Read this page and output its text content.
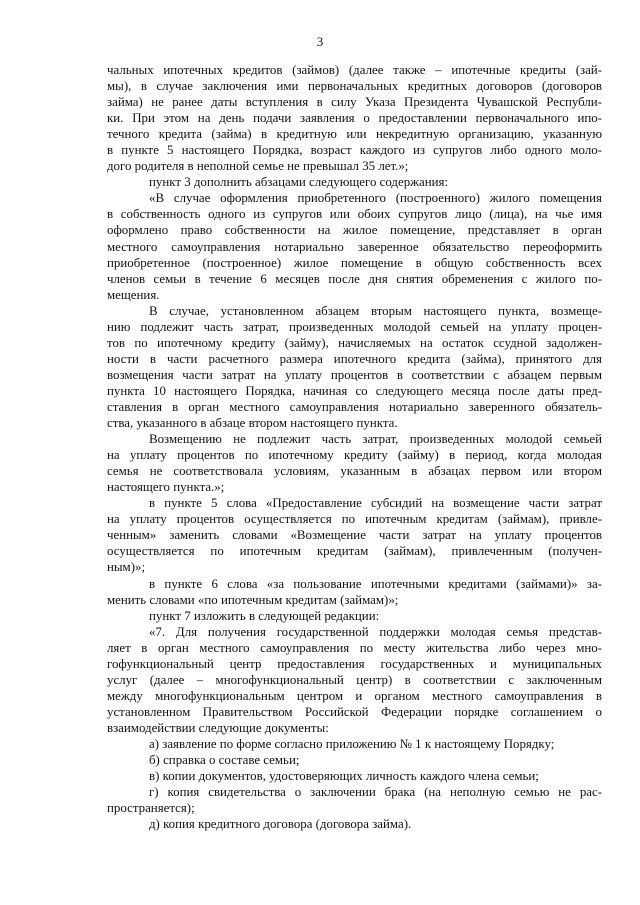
3
чальных ипотечных кредитов (займов) (далее также – ипотечные кредиты (зай-
мы), в случае заключения ими первоначальных кредитных договоров (договоров
займа) не ранее даты вступления в силу Указа Президента Чувашской Республи-
ки. При этом на день подачи заявления о предоставлении первоначального ипо-
течного кредита (займа) в кредитную или некредитную организацию, указанную
в пункте 5 настоящего Порядка, возраст каждого из супругов либо одного моло-
дого родителя в неполной семье не превышал 35 лет.»;
пункт 3 дополнить абзацами следующего содержания:
«В случае оформления приобретенного (построенного) жилого помещения
в собственность одного из супругов или обоих супругов лицо (лица), на чье имя
оформлено право собственности на жилое помещение, представляет в орган
местного самоуправления нотариально заверенное обязательство переоформить
приобретенное (построенное) жилое помещение в общую собственность всех
членов семьи в течение 6 месяцев после дня снятия обременения с жилого по-
мещения.
В случае, установленном абзацем вторым настоящего пункта, возмеще-
нию подлежит часть затрат, произведенных молодой семьей на уплату процен-
тов по ипотечному кредиту (займу), начисляемых на остаток ссудной задолжен-
ности в части расчетного размера ипотечного кредита (займа), принятого для
возмещения части затрат на уплату процентов в соответствии с абзацем первым
пункта 10 настоящего Порядка, начиная со следующего месяца после даты пред-
ставления в орган местного самоуправления нотариально заверенного обязатель-
ства, указанного в абзаце втором настоящего пункта.
Возмещению не подлежит часть затрат, произведенных молодой семьей
на уплату процентов по ипотечному кредиту (займу) в период, когда молодая
семья не соответствовала условиям, указанным в абзацах первом или втором
настоящего пункта.»;
в пункте 5 слова «Предоставление субсидий на возмещение части затрат
на уплату процентов осуществляется по ипотечным кредитам (займам), привле-
ченным» заменить словами «Возмещение части затрат на уплату процентов
осуществляется по ипотечным кредитам (займам), привлеченным (получен-
ным)»;
в пункте 6 слова «за пользование ипотечными кредитами (займами)» за-
менить словами «по ипотечным кредитам (займам)»;
пункт 7 изложить в следующей редакции:
«7. Для получения государственной поддержки молодая семья представ-
ляет в орган местного самоуправления по месту жительства либо через мно-
гофункциональный центр предоставления государственных и муниципальных
услуг (далее – многофункциональный центр) в соответствии с заключенным
между многофункциональным центром и органом местного самоуправления в
установленном Правительством Российской Федерации порядке соглашением о
взаимодействии следующие документы:
а) заявление по форме согласно приложению № 1 к настоящему Порядку;
б) справка о составе семьи;
в) копии документов, удостоверяющих личность каждого члена семьи;
г) копия свидетельства о заключении брака (на неполную семью не рас-
пространяется);
д) копия кредитного договора (договора займа).
